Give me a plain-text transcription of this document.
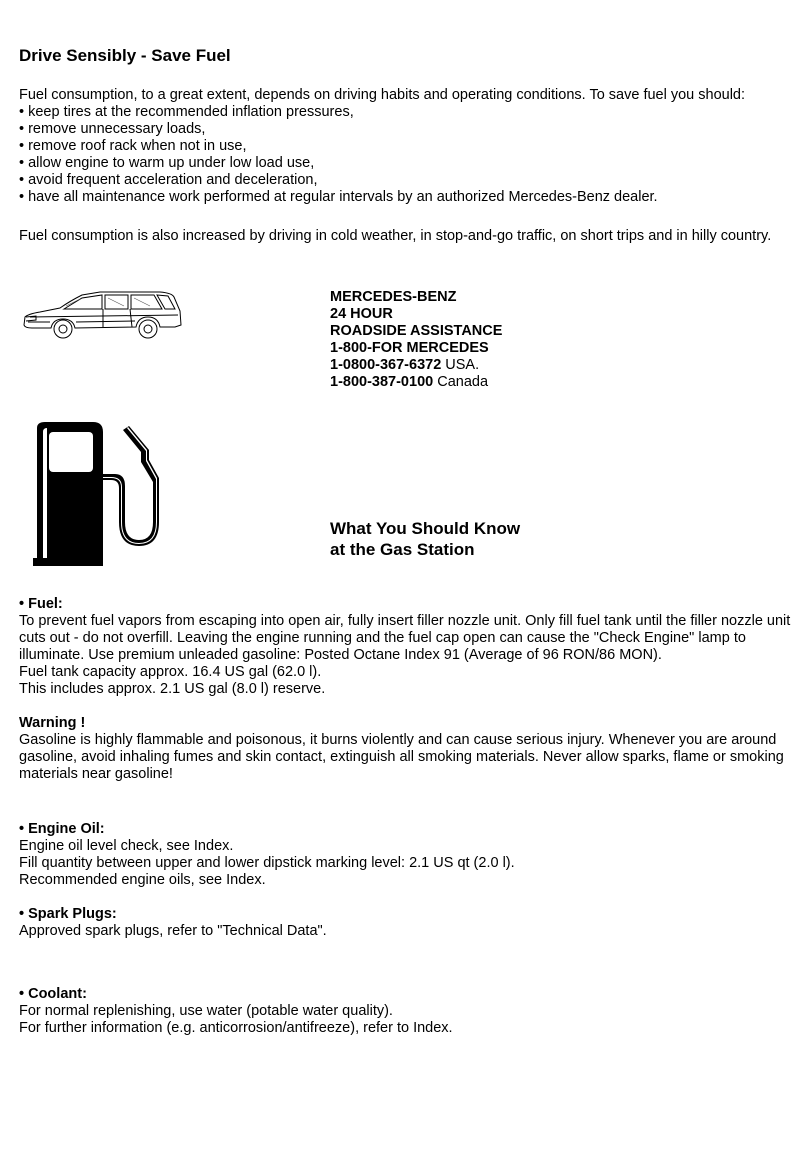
Drive Sensibly - Save Fuel
Fuel consumption, to a great extent, depends on driving habits and operating conditions. To save fuel you should:
• keep tires at the recommended inflation pressures,
• remove unnecessary loads,
• remove roof rack when not in use,
• allow engine to warm up under low load use,
• avoid frequent acceleration and deceleration,
• have all maintenance work performed at regular intervals by an authorized Mercedes-Benz dealer.
Fuel consumption is also increased by driving in cold weather, in stop-and-go traffic, on short trips and in hilly country.
MERCEDES-BENZ
24 HOUR
ROADSIDE ASSISTANCE
1-800-FOR MERCEDES
1-0800-367-6372 USA.
1-800-387-0100 Canada
What You Should Know
at the Gas Station
• Fuel:

To prevent fuel vapors from escaping into open air, fully insert filler nozzle unit. Only fill fuel tank until the filler nozzle unit cuts out - do not overfill. Leaving the engine running and the fuel cap open can cause the "Check Engine" lamp to illuminate. Use premium unleaded gasoline: Posted Octane Index 91 (Average of 96 RON/86 MON).

Fuel tank capacity approx. 16.4 US gal (62.0 l).

This includes approx. 2.1 US gal (8.0 l) reserve.

Warning !

Gasoline is highly flammable and poisonous, it burns violently and can cause serious injury. Whenever you are around gasoline, avoid inhaling fumes and skin contact, extinguish all smoking materials. Never allow sparks, flame or smoking materials near gasoline!

• Engine Oil:

Engine oil level check, see Index.

Fill quantity between upper and lower dipstick marking level: 2.1 US qt (2.0 l).

Recommended engine oils, see Index.

• Spark Plugs:

Approved spark plugs, refer to "Technical Data".

• Coolant:

For normal replenishing, use water (potable water quality).

For further information (e.g. anticorrosion/antifreeze), refer to Index.
